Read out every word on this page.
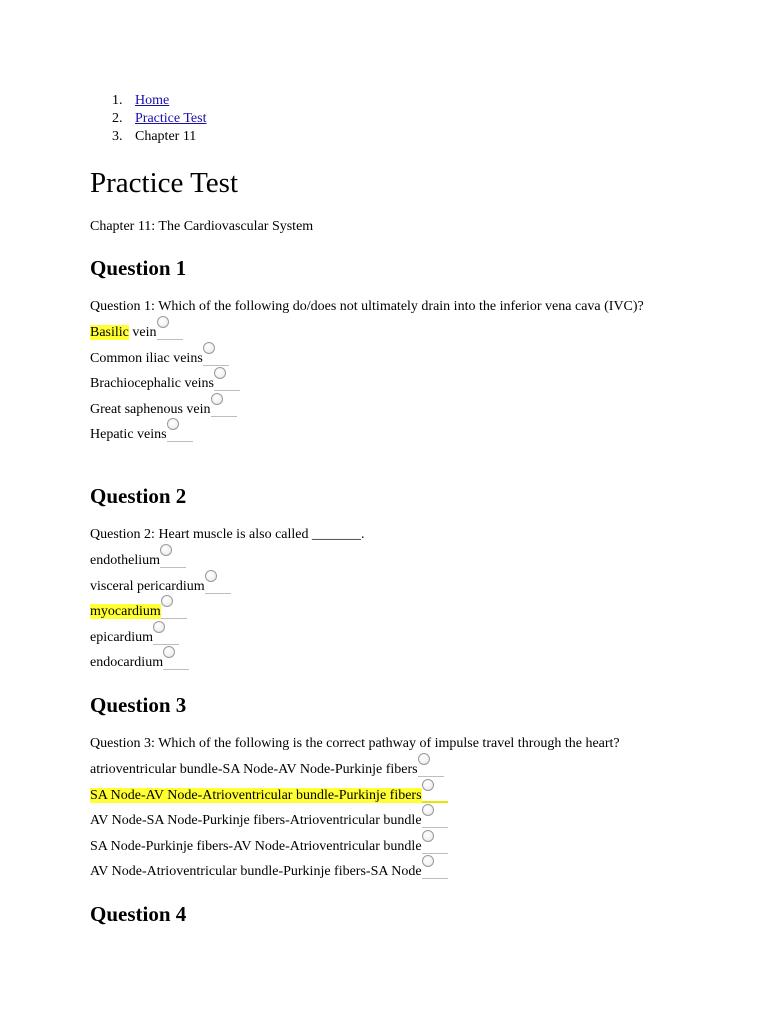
1. Home
2. Practice Test
3. Chapter 11
Practice Test
Chapter 11: The Cardiovascular System
Question 1
Question 1: Which of the following do/does not ultimately drain into the inferior vena cava (IVC)?
Basilic vein
Common iliac veins
Brachiocephalic veins
Great saphenous vein
Hepatic veins
Question 2
Question 2: Heart muscle is also called _______.
endothelium
visceral pericardium
myocardium
epicardium
endocardium
Question 3
Question 3: Which of the following is the correct pathway of impulse travel through the heart?
atrioventricular bundle-SA Node-AV Node-Purkinje fibers
SA Node-AV Node-Atrioventricular bundle-Purkinje fibers
AV Node-SA Node-Purkinje fibers-Atrioventricular bundle
SA Node-Purkinje fibers-AV Node-Atrioventricular bundle
AV Node-Atrioventricular bundle-Purkinje fibers-SA Node
Question 4
